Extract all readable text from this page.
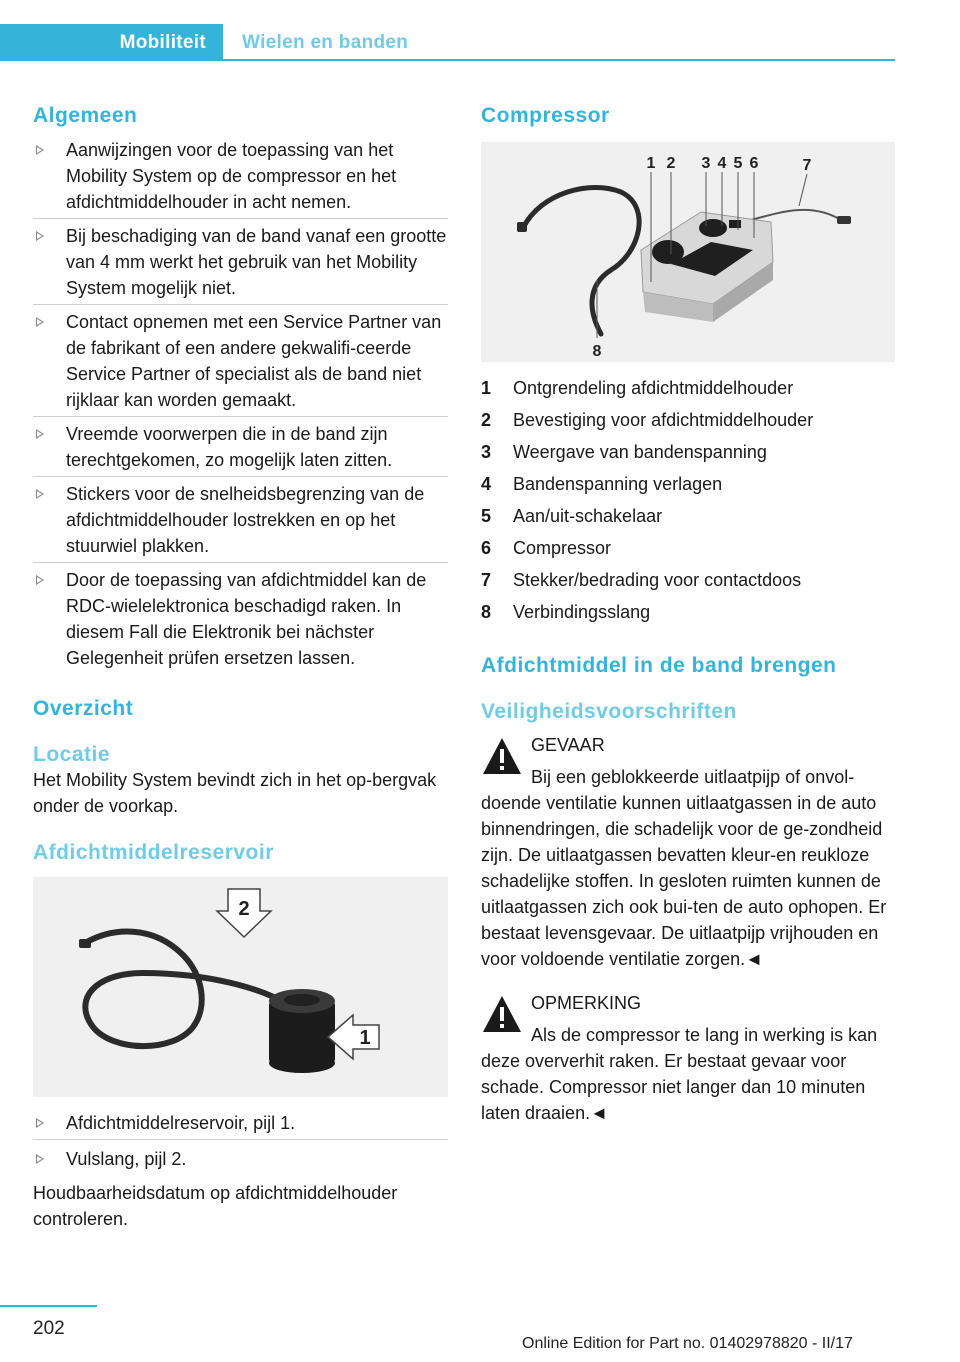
Mobiliteit	Wielen en banden
Algemeen
Aanwijzingen voor de toepassing van het Mobility System op de compressor en het afdichtmiddelhouder in acht nemen.
Bij beschadiging van de band vanaf een grootte van 4 mm werkt het gebruik van het Mobility System mogelijk niet.
Contact opnemen met een Service Partner van de fabrikant of een andere gekwalifi-ceerde Service Partner of specialist als de band niet rijklaar kan worden gemaakt.
Vreemde voorwerpen die in de band zijn terechtgekomen, zo mogelijk laten zitten.
Stickers voor de snelheidsbegrenzing van de afdichtmiddelhouder lostrekken en op het stuurwiel plakken.
Door de toepassing van afdichtmiddel kan de RDC-wielelektronica beschadigd raken. In diesem Fall die Elektronik bei nächster Gelegenheit prüfen ersetzen lassen.
Overzicht
Locatie

Het Mobility System bevindt zich in het op-bergvak onder de voorkap.

Afdichtmiddelreservoir
2
1
Afdichtmiddelreservoir, pijl 1.
Vulslang, pijl 2.

Houdbaarheidsdatum op afdichtmiddelhouder controleren.

Compressor
1 2 3 4 5 6	7
8
1 Ontgrendeling afdichtmiddelhouder
2 Bevestiging voor afdichtmiddelhouder
3 Weergave van bandenspanning
4 Bandenspanning verlagen
5 Aan/uit-schakelaar
6 Compressor
7 Stekker/bedrading voor contactdoos
8 Verbindingsslang
Afdichtmiddel in de band brengen
Veiligheidsvoorschriften
GEVAAR
Bij een geblokkeerde uitlaatpijp of onvol-doende ventilatie kunnen uitlaatgassen in de auto binnendringen, die schadelijk voor de ge-zondheid zijn. De uitlaatgassen bevatten kleur-en reukloze schadelijke stoffen. In gesloten ruimten kunnen de uitlaatgassen zich ook bui-ten de auto ophopen. Er bestaat levensgevaar. De uitlaatpijp vrijhouden en voor voldoende ventilatie zorgen.◄
OPMERKING
Als de compressor te lang in werking is kan deze oververhit raken. Er bestaat gevaar voor schade. Compressor niet langer dan 10 minuten laten draaien.◄
202
Online Edition for Part no. 01402978820 - II/17
